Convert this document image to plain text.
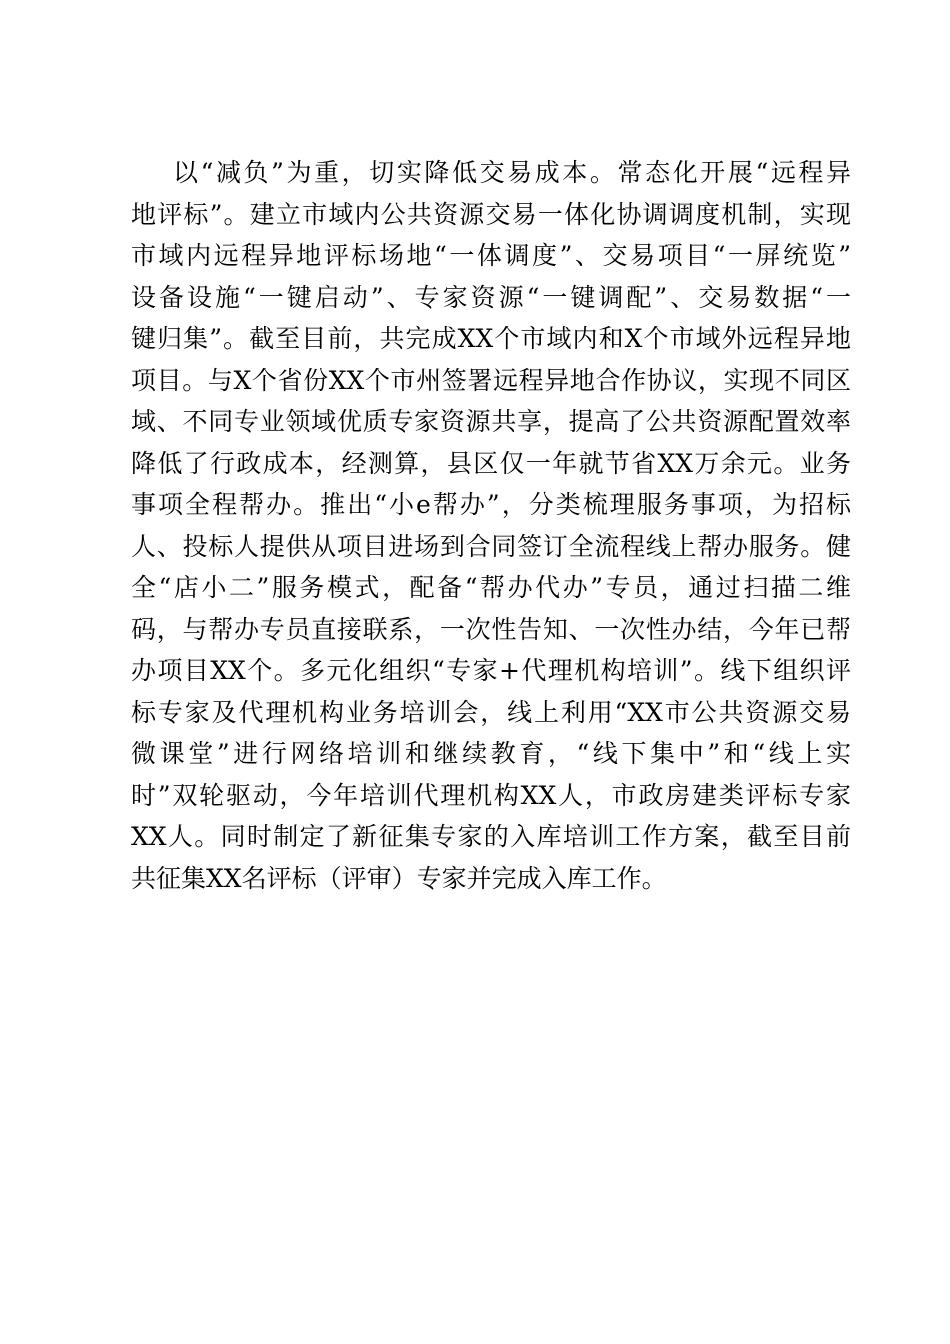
以“减负”为重，切实降低交易成本。常态化开展“远程异
地评标”。建立市域内公共资源交易一体化协调调度机制，实现
市域内远程异地评标场地“一体调度”、交易项目“一屏统览”
设备设施“一键启动”、专家资源“一键调配”、交易数据“一
键归集”。截至目前，共完成XX个市域内和X个市域外远程异地
项目。与X个省份XX个市州签署远程异地合作协议，实现不同区
域、不同专业领域优质专家资源共享，提高了公共资源配置效率
降低了行政成本，经测算，县区仅一年就节省XX万余元。业务
事项全程帮办。推出“小e帮办”，分类梳理服务事项，为招标
人、投标人提供从项目进场到合同签订全流程线上帮办服务。健
全“店小二”服务模式，配备“帮办代办”专员，通过扫描二维
码，与帮办专员直接联系，一次性告知、一次性办结，今年已帮
办项目XX个。多元化组织“专家+代理机构培训”。线下组织评
标专家及代理机构业务培训会，线上利用“XX市公共资源交易
微课堂”进行网络培训和继续教育，“线下集中”和“线上实
时”双轮驱动，今年培训代理机构XX人，市政房建类评标专家
XX人。同时制定了新征集专家的入库培训工作方案，截至目前
共征集XX名评标（评审）专家并完成入库工作。
